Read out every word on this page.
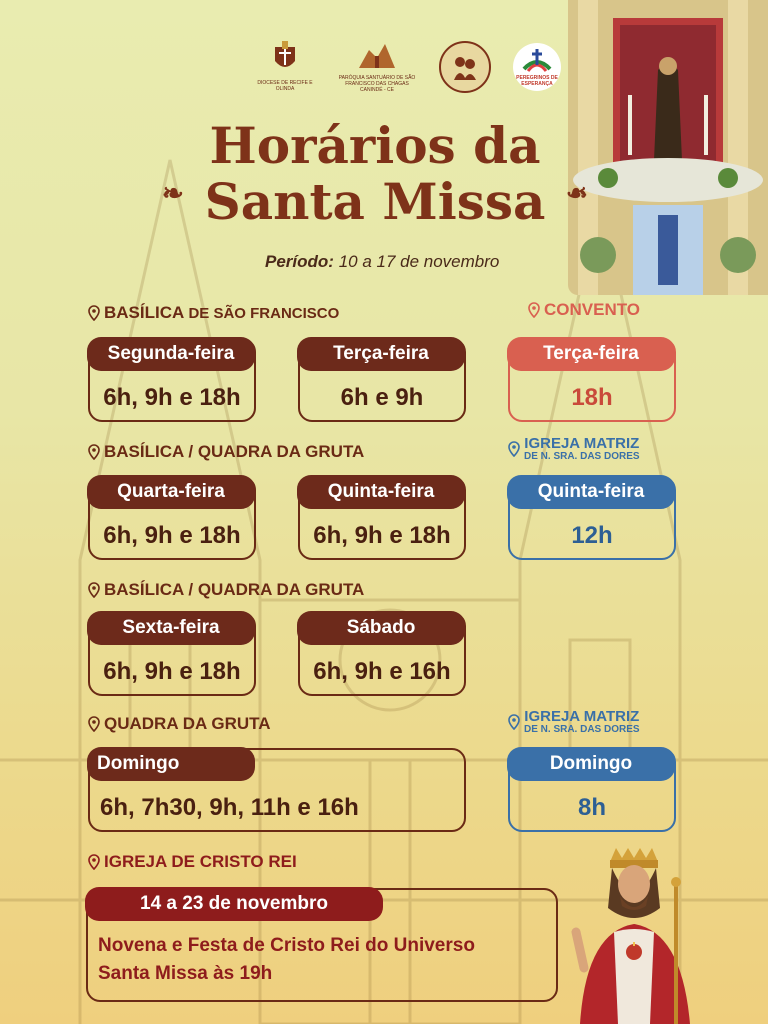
DIOCESE DE RECIFE E OLINDA
PARÓQUIA SANTUÁRIO DE SÃO FRANCISCO DAS CHAGAS CANINDÉ - CE
PEREGRINOS DE ESPERANÇA
Horários da
Santa Missa
❧	❧
Período: 10 a 17 de novembro
BASÍLICA DE SÃO FRANCISCO	CONVENTO
Segunda-feira
6h, 9h e 18h
Terça-feira
6h e 9h
Terça-feira
18h
BASÍLICA / QUADRA DA GRUTA	IGREJA MATRIZ
DE N. SRA. DAS DORES
Quarta-feira
6h, 9h e 18h
Quinta-feira
6h, 9h e 18h
Quinta-feira
12h
BASÍLICA / QUADRA DA GRUTA
Sexta-feira
6h, 9h e 18h
Sábado
6h, 9h e 16h
QUADRA DA GRUTA	IGREJA MATRIZ
DE N. SRA. DAS DORES
Domingo
6h, 7h30, 9h, 11h e 16h
Domingo
8h
IGREJA DE CRISTO REI
14 a 23 de novembro
Novena e Festa de Cristo Rei do Universo
Santa Missa às 19h
